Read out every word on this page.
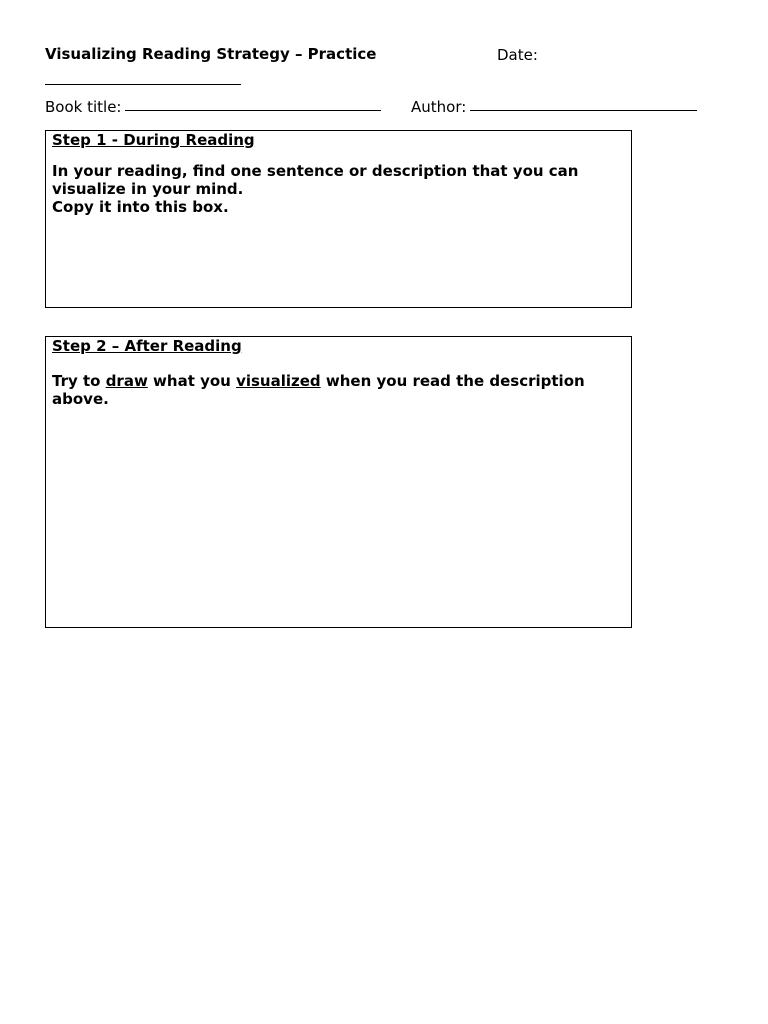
Visualizing Reading Strategy – Practice	Date:
Book title:	Author:
Step 1 - During Reading

In your reading, find one sentence or description that you can visualize in your mind.
Copy it into this box.

Step 2 – After Reading

Try to draw what you visualized when you read the description above.
